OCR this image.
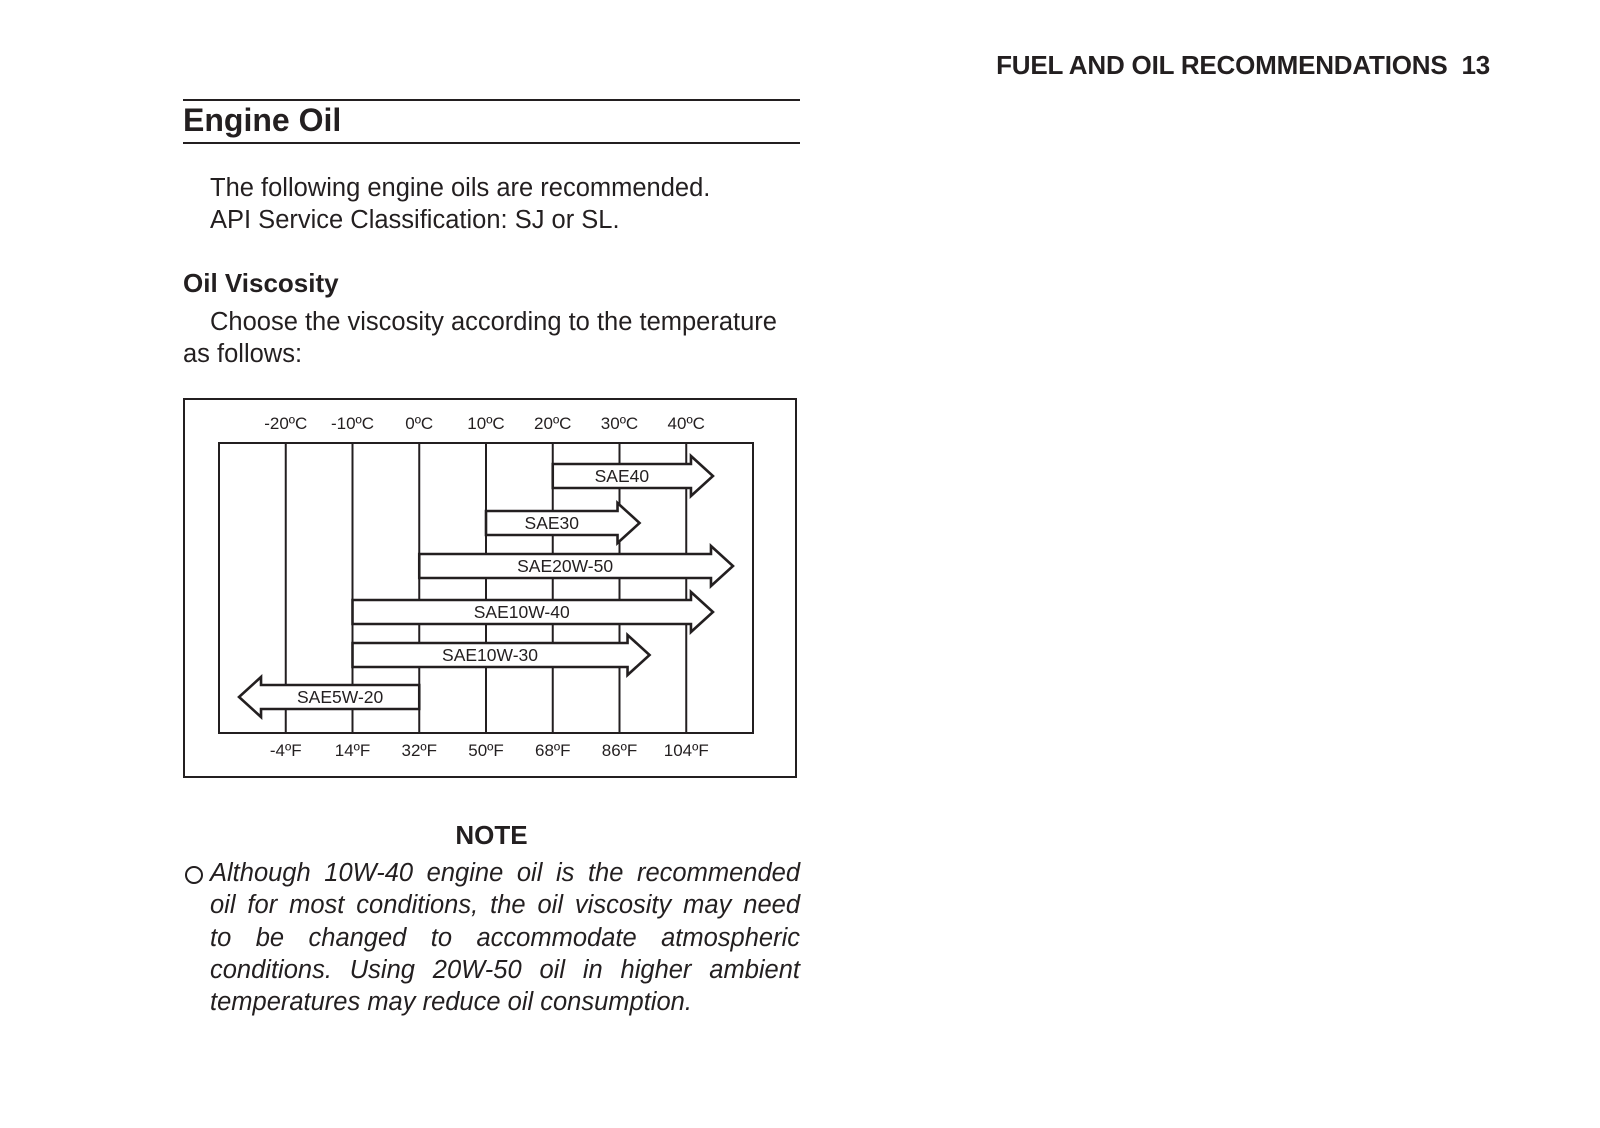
FUEL AND OIL RECOMMENDATIONS 13
Engine Oil
The following engine oils are recommended.
API Service Classification: SJ or SL.
Oil Viscosity
Choose the viscosity according to the temperature
as follows:
-20ºC -10ºC 0ºC 10ºC 20ºC 30ºC 40ºC
-4ºF 14ºF 32ºF 50ºF 68ºF 86ºF 104ºF
SAE40
SAE30
SAE20W-50
SAE10W-40
SAE10W-30
SAE5W-20
NOTE
Although 10W-40 engine oil is the recommended
oil for most conditions, the oil viscosity may need
to be changed to accommodate atmospheric
conditions. Using 20W-50 oil in higher ambient
temperatures may reduce oil consumption.
